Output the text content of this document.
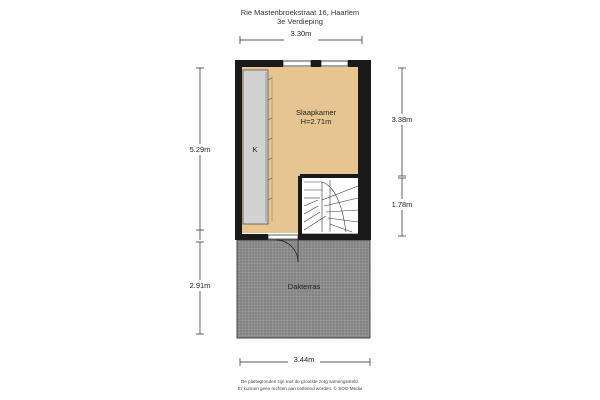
Rie Mastenbroekstraat 16, Haarlem
3e Verdieping
Slaapkamer
H=2.71m
K
Dakterras
3.30m
5.29m
2.91m
3.38m
1.78m
3.44m
De plattegronden zijn met de grootste zorg samengesteld.
Er kunnen geen rechten aan ontleend worden. © SOO Media
